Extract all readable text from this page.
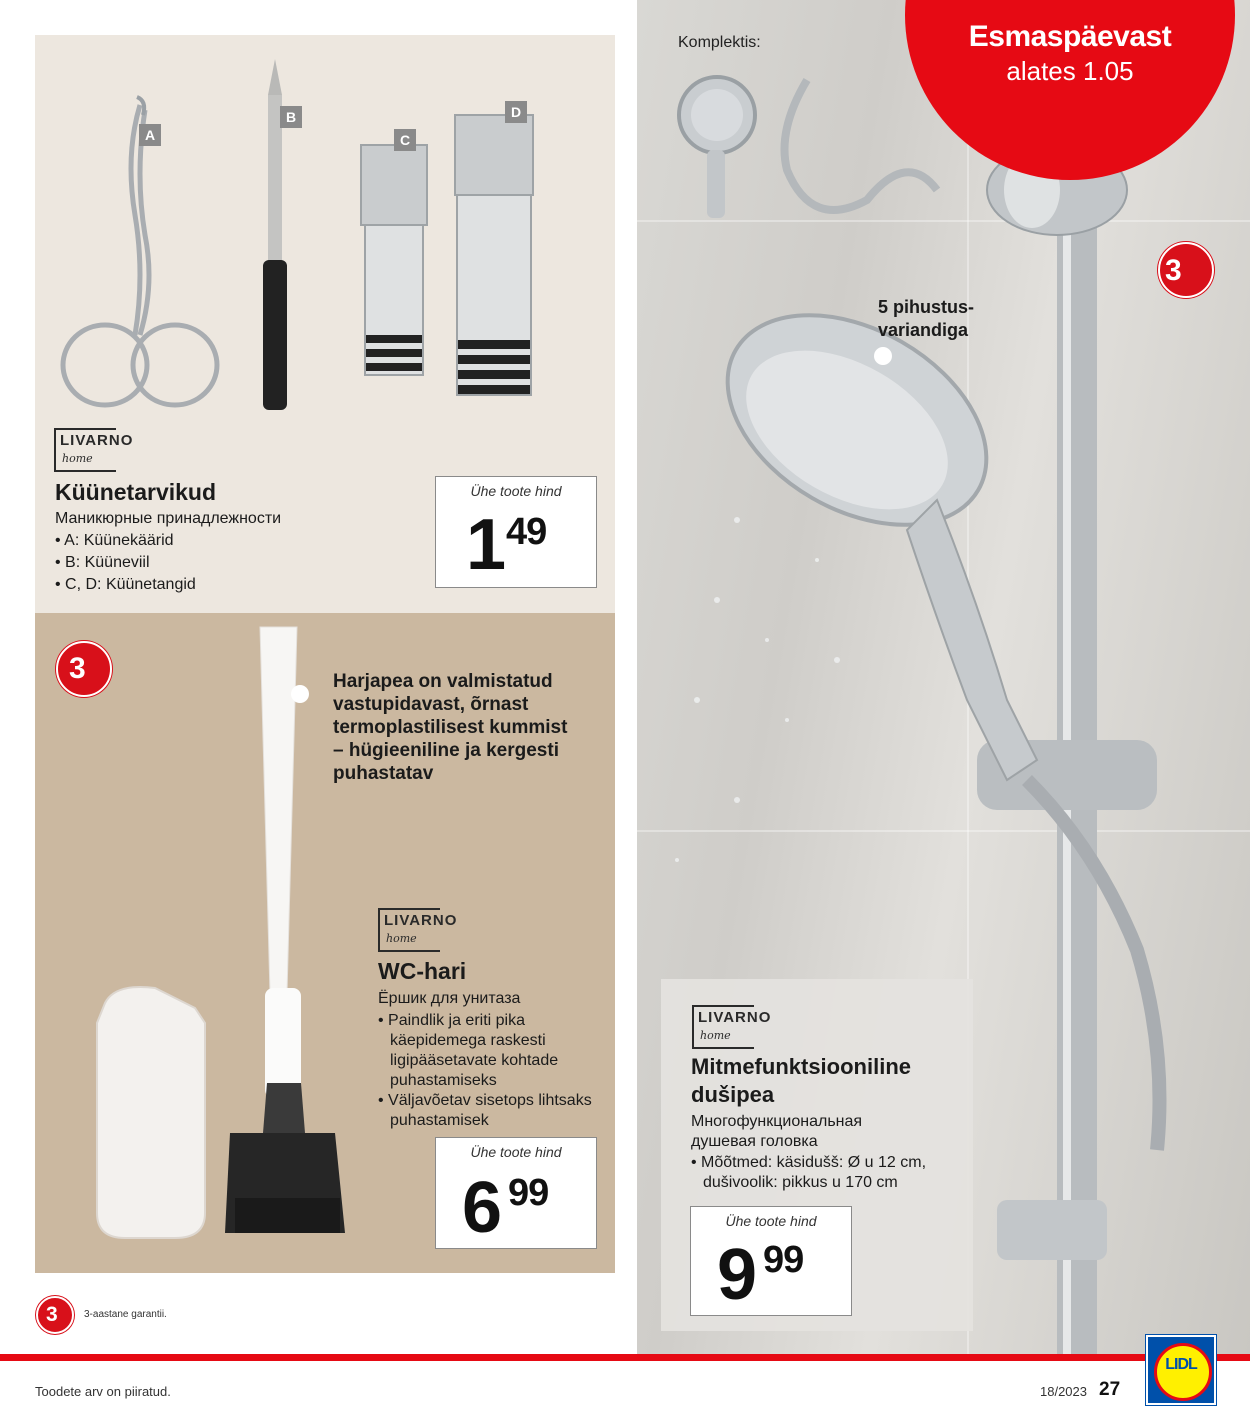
A
B
C
D
LIVARNO
home
Küünetarvikud
Маникюрные принадлежности
• A: Küünekäärid
• B: Küüneviil
• C, D: Küünetangid
Ühe toote hind
1 49
3	Harjapea on valmistatud
vastupidavast, õrnast
termoplastilisest kummist
– hügieeniline ja kergesti
puhastatav
LIVARNO
home
WC-hari
Ёршик для унитаза
• Paindlik ja eriti pika
käepidemega raskesti
ligipääsetavate kohtade
puhastamiseks
• Väljavõetav sisetops lihtsaks
puhastamisek
Ühe toote hind
6 99
3	3-aastane garantii.
Komplektis:
5 pihustus-
variandiga
3
LIVARNO
home
Mitmefunktsiooniline
dušipea
Многофункциональная
душевая головка
• Mõõtmed: käsidušš: Ø u 12 cm,
dušivoolik: pikkus u 170 cm
Ühe toote hind
9 99
Esmaspäevast
alates 1.05
Toodete arv on piiratud.	18/2023 27
LIDL
